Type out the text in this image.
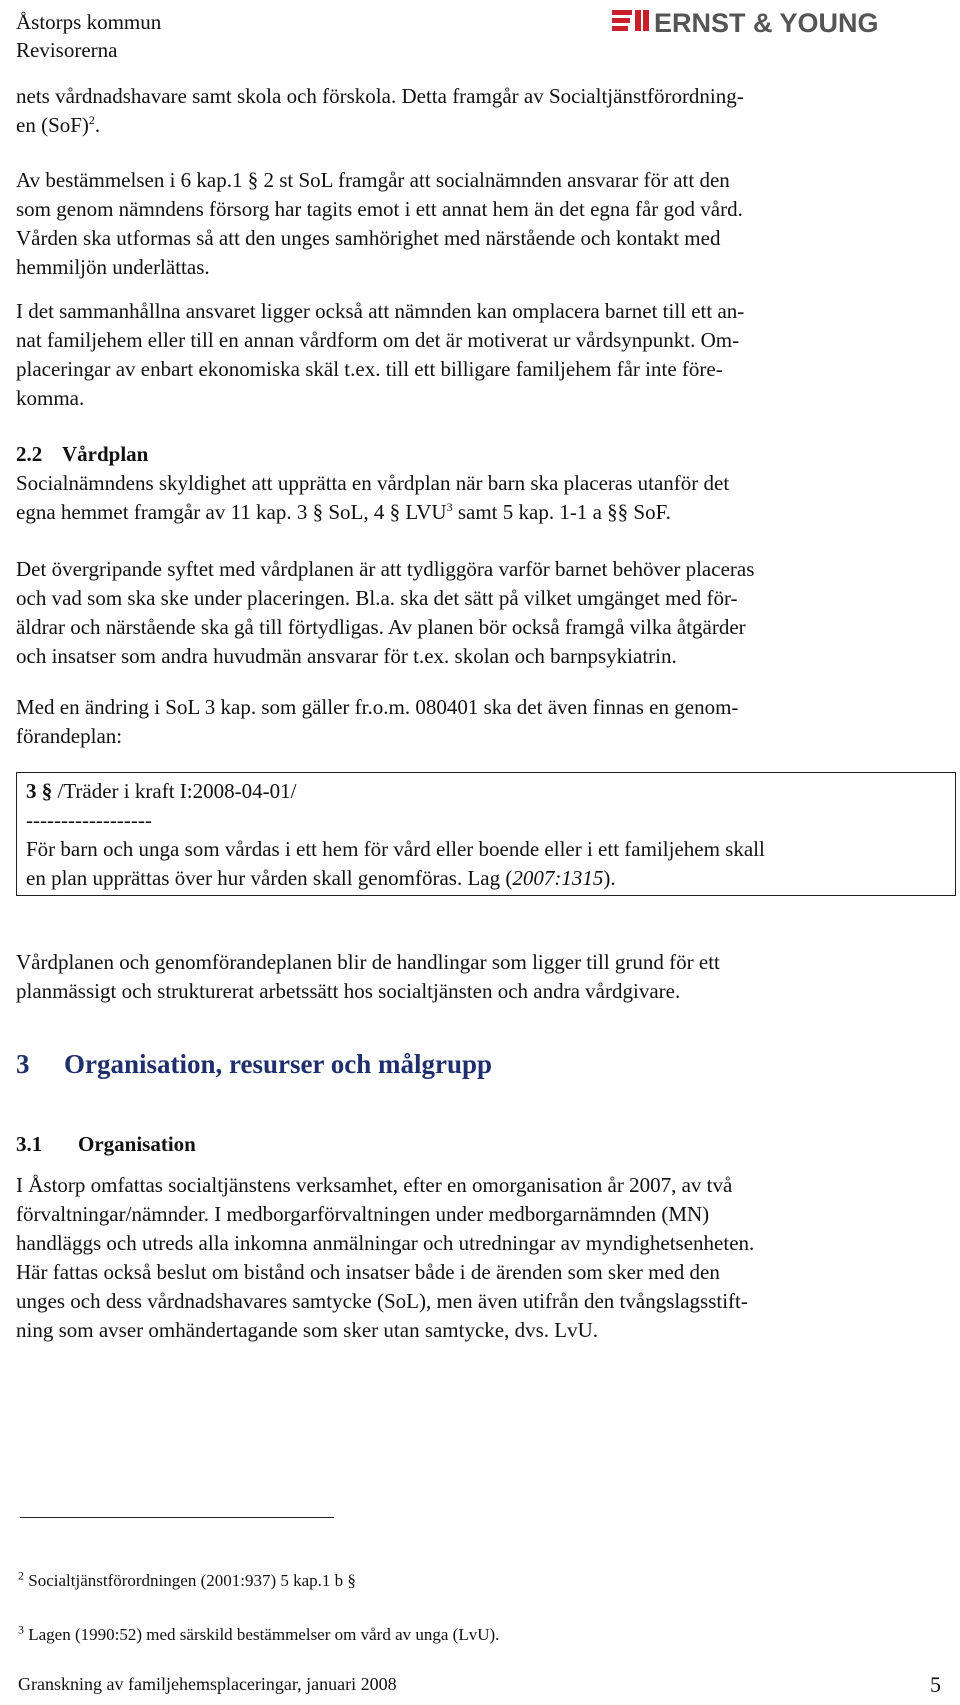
Åstorps kommun
Revisorerna
ERNST & YOUNG
nets vårdnadshavare samt skola och förskola. Detta framgår av Socialtjänstförordning-
en (SoF)$^2$.
Av bestämmelsen i 6 kap.1 § 2 st SoL framgår att socialnämnden ansvarar för att den
som genom nämndens försorg har tagits emot i ett annat hem än det egna får god vård.
Vården ska utformas så att den unges samhörighet med närstående och kontakt med
hemmiljön underlättas.
I det sammanhållna ansvaret ligger också att nämnden kan omplacera barnet till ett an-
nat familjehem eller till en annan vårdform om det är motiverat ur vårdsynpunkt. Om-
placeringar av enbart ekonomiska skäl t.ex. till ett billigare familjehem får inte före-
komma.
2.2 Vårdplan
Socialnämndens skyldighet att upprätta en vårdplan när barn ska placeras utanför det
egna hemmet framgår av 11 kap. 3 § SoL, 4 § LVU$^3$ samt 5 kap. 1-1 a §§ SoF.
Det övergripande syftet med vårdplanen är att tydliggöra varför barnet behöver placeras
och vad som ska ske under placeringen. Bl.a. ska det sätt på vilket umgänget med för-
äldrar och närstående ska gå till förtydligas. Av planen bör också framgå vilka åtgärder
och insatser som andra huvudmän ansvarar för t.ex. skolan och barnpsykiatrin.
Med en ändring i SoL 3 kap. som gäller fr.o.m. 080401 ska det även finnas en genom-
förandeplan:
3 § /Träder i kraft I:2008-04-01/
------------------
För barn och unga som vårdas i ett hem för vård eller boende eller i ett familjehem skall
en plan upprättas över hur vården skall genomföras. Lag (2007:1315).
Vårdplanen och genomförandeplanen blir de handlingar som ligger till grund för ett
planmässigt och strukturerat arbetssätt hos socialtjänsten och andra vårdgivare.
3 Organisation, resurser och målgrupp
3.1 Organisation
I Åstorp omfattas socialtjänstens verksamhet, efter en omorganisation år 2007, av två
förvaltningar/nämnder. I medborgarförvaltningen under medborgarnämnden (MN)
handläggs och utreds alla inkomna anmälningar och utredningar av myndighetsenheten.
Här fattas också beslut om bistånd och insatser både i de ärenden som sker med den
unges och dess vårdnadshavares samtycke (SoL), men även utifrån den tvångslagsstift-
ning som avser omhändertagande som sker utan samtycke, dvs. LvU.
$^2$ Socialtjänstförordningen (2001:937) 5 kap.1 b §
$^3$ Lagen (1990:52) med särskild bestämmelser om vård av unga (LvU).
Granskning av familjehemsplaceringar, januari 2008	5
